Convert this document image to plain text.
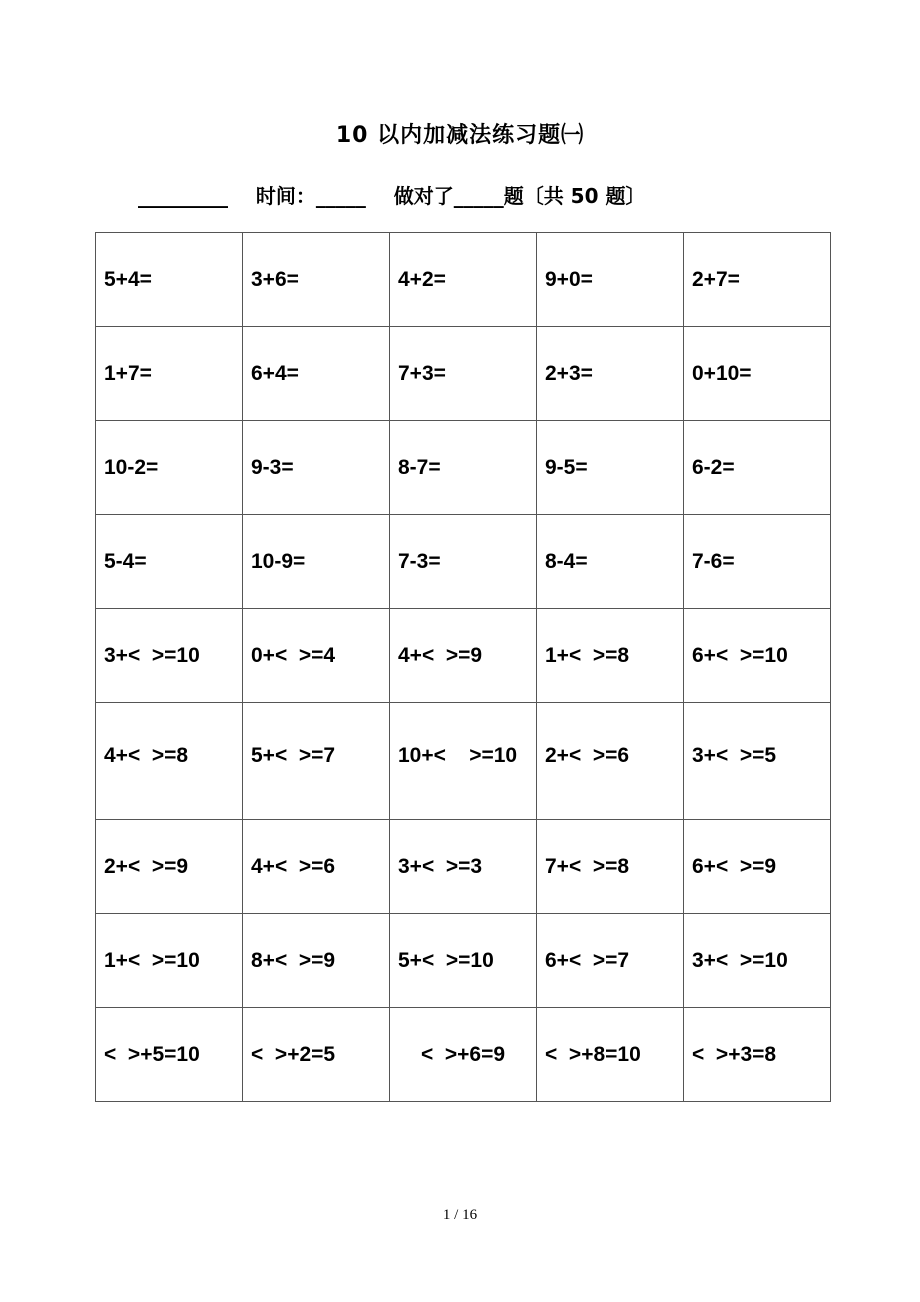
10 以内加减法练习题㈠
_________ 时间：_____ 做对了_____题〔共 50 题〕
5+4=	3+6=	4+2=	9+0=	2+7=
1+7=	6+4=	7+3=	2+3=	0+10=
10-2=	9-3=	8-7=	9-5=	6-2=
5-4=	10-9=	7-3=	8-4=	7-6=
3+<  >=10	0+<  >=4	4+<  >=9	1+<  >=8	6+<  >=10
4+<  >=8	5+<  >=7	10+<    >=10	2+<  >=6	3+<  >=5
2+<  >=9	4+<  >=6	3+<  >=3	7+<  >=8	6+<  >=9
1+<  >=10	8+<  >=9	5+<  >=10	6+<  >=7	3+<  >=10
<  >+5=10	<  >+2=5	<  >+6=9	<  >+8=10	<  >+3=8
1 / 16
